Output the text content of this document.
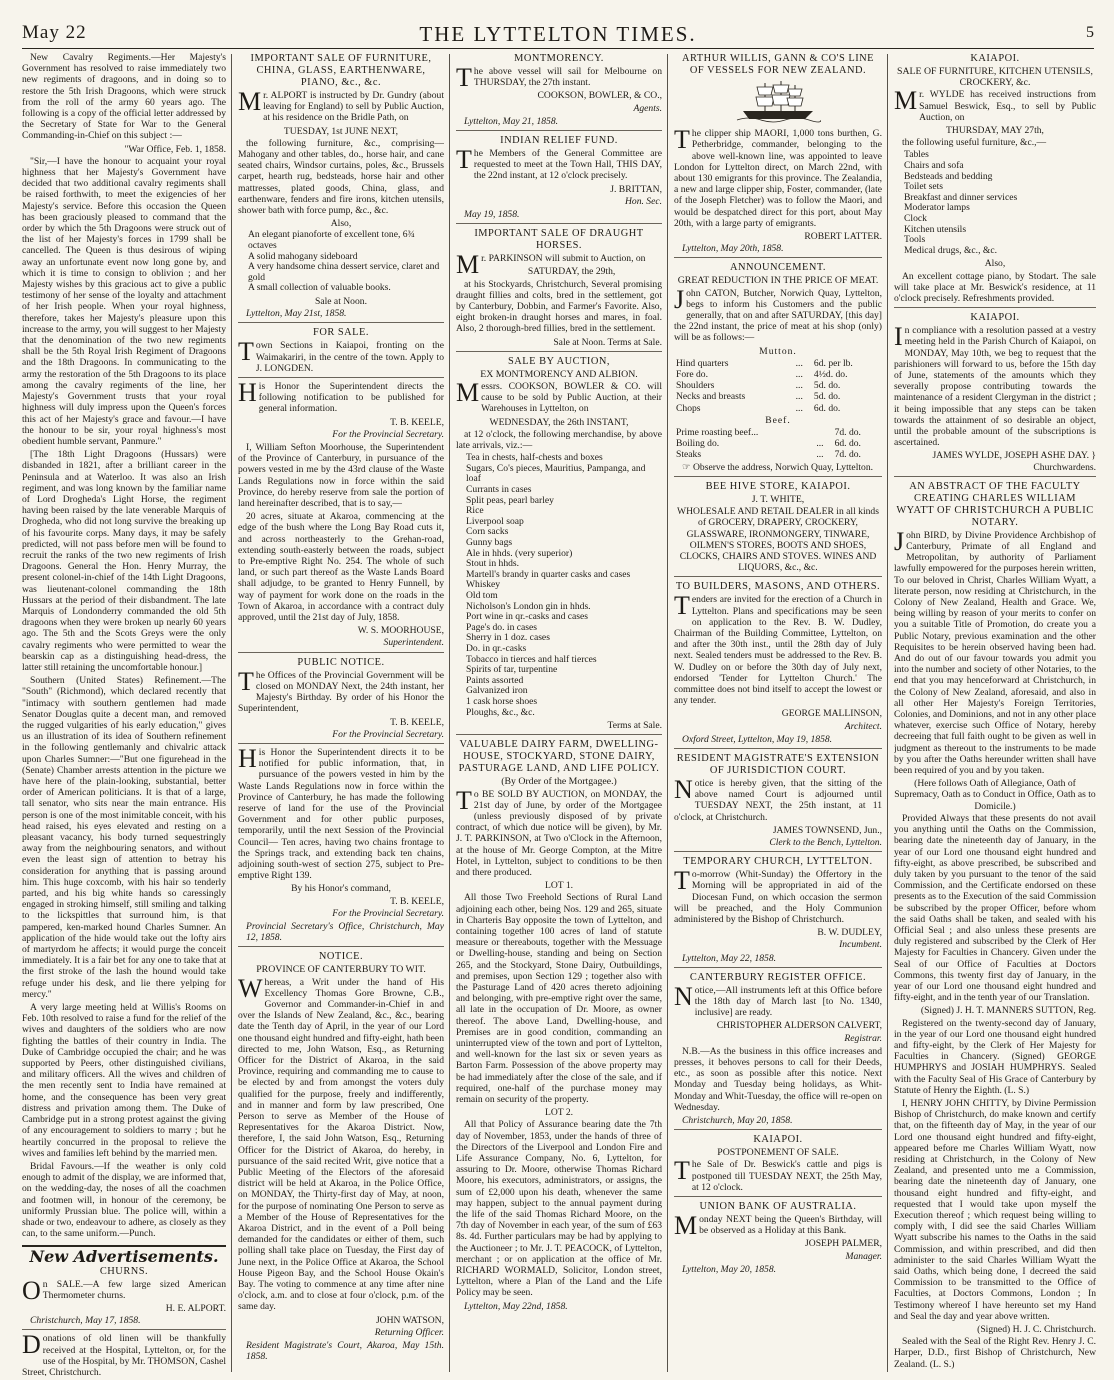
May 22	THE LYTTELTON TIMES.	5

New Cavalry Regiments.—Her Majesty's Government has resolved to raise immediately two new regiments of dragoons, and in doing so to restore the 5th Irish Dragoons, which were struck from the roll of the army 60 years ago. The following is a copy of the official letter addressed by the Secretary of State for War to the General Commanding-in-Chief on this subject :—

"War Office, Feb. 1, 1858.

"Sir,—I have the honour to acquaint your royal highness that her Majesty's Government have decided that two additional cavalry regiments shall be raised forthwith, to meet the exigencies of her Majesty's service. Before this occasion the Queen has been graciously pleased to command that the order by which the 5th Dragoons were struck out of the list of her Majesty's forces in 1799 shall be cancelled. The Queen is thus desirous of wiping away an unfortunate event now long gone by, and which it is time to consign to oblivion ; and her Majesty wishes by this gracious act to give a public testimony of her sense of the loyalty and attachment of her Irish people. When your royal highness, therefore, takes her Majesty's pleasure upon this increase to the army, you will suggest to her Majesty that the denomination of the two new regiments shall be the 5th Royal Irish Regiment of Dragoons and the 18th Dragoons. In communicating to the army the restoration of the 5th Dragoons to its place among the cavalry regiments of the line, her Majesty's Government trusts that your royal highness will duly impress upon the Queen's forces this act of her Majesty's grace and favour.—I have the honour to be sir, your royal highness's most obedient humble servant, Panmure."

[The 18th Light Dragoons (Hussars) were disbanded in 1821, after a brilliant career in the Peninsula and at Waterloo. It was also an Irish regiment, and was long known by the familiar name of Lord Drogheda's Light Horse, the regiment having been raised by the late venerable Marquis of Drogheda, who did not long survive the breaking up of his favourite corps. Many days, it may be safely predicted, will not pass before men will be found to recruit the ranks of the two new regiments of Irish Dragoons. General the Hon. Henry Murray, the present colonel-in-chief of the 14th Light Dragoons, was lieutenant-colonel commanding the 18th Hussars at the period of their disbandment. The late Marquis of Londonderry commanded the old 5th dragoons when they were broken up nearly 60 years ago. The 5th and the Scots Greys were the only cavalry regiments who were permitted to wear the bearskin cap as a distinguishing head-dress, the latter still retaining the uncomfortable honour.]

Southern (United States) Refinement.—The "South" (Richmond), which declared recently that "intimacy with southern gentlemen had made Senator Douglas quite a decent man, and removed the rugged vulgarities of his early education," gives us an illustration of its idea of Southern refinement in the following gentlemanly and chivalric attack upon Charles Sumner:—"But one figurehead in the (Senate) Chamber arrests attention in the picture we have here of the plain-looking, substantial, better order of American politicians. It is that of a large, tall senator, who sits near the main entrance. His person is one of the most inimitable conceit, with his head raised, his eyes elevated and resting on a pleasant vacancy, his body turned sequestringly away from the neighbouring senators, and without even the least sign of attention to betray his consideration for anything that is passing around him. This huge coxcomb, with his hair so tenderly parted, and his big white hands so caressingly engaged in stroking himself, still smiling and talking to the lickspittles that surround him, is that pampered, ken-marked hound Charles Sumner. An application of the hide would take out the lofty airs of martyrdom he affects; it would purge the conceit immediately. It is a fair bet for any one to take that at the first stroke of the lash the hound would take refuge under his desk, and lie there yelping for mercy."

A very large meeting held at Willis's Rooms on Feb. 10th resolved to raise a fund for the relief of the wives and daughters of the soldiers who are now fighting the battles of their country in India. The Duke of Cambridge occupied the chair; and he was supported by Peers, other distinguished civilians, and military officers. All the wives and children of the men recently sent to India have remained at home, and the consequence has been very great distress and privation among them. The Duke of Cambridge put in a strong protest against the giving of any encouragement to soldiers to marry ; but he heartily concurred in the proposal to relieve the wives and families left behind by the married men.

Bridal Favours.—If the weather is only cold enough to admit of the display, we are informed that, on the wedding-day, the noses of all the coachmen and footmen will, in honour of the ceremony, be uniformly Prussian blue. The police will, within a shade or two, endeavour to adhere, as closely as they can, to the same uniform.—Punch.

New Advertisements.
CHURNS.

On SALE.—A few large sized American Thermometer churns.

H. E. ALPORT.

Christchurch, May 17, 1858.

Donations of old linen will be thankfully received at the Hospital, Lyttelton, or, for the use of the Hospital, by Mr. THOMSON, Cashel Street, Christchurch.

IMPORTANT SALE OF FURNITURE, CHINA, GLASS, EARTHENWARE, PIANO, &c., &c.

Mr. ALPORT is instructed by Dr. Gundry (about leaving for England) to sell by Public Auction, at his residence on the Bridle Path, on

TUESDAY, 1st JUNE NEXT,

the following furniture, &c., comprising—Mahogany and other tables, do., horse hair, and cane seated chairs, Windsor curtains, poles, &c., Brussels carpet, hearth rug, bedsteads, horse hair and other mattresses, plated goods, China, glass, and earthenware, fenders and fire irons, kitchen utensils, shower bath with force pump, &c., &c.

Also,

An elegant pianoforte of excellent tone, 6¾ octaves
A solid mahogany sideboard
A very handsome china dessert service, claret and gold
A small collection of valuable books.

Sale at Noon.

Lyttelton, May 21st, 1858.

FOR SALE.

Town Sections in Kaiapoi, fronting on the Waimakariri, in the centre of the town. Apply to J. LONGDEN.

His Honor the Superintendent directs the following notification to be published for general information.

T. B. KEELE,

For the Provincial Secretary.

I, William Sefton Moorhouse, the Superintendent of the Province of Canterbury, in pursuance of the powers vested in me by the 43rd clause of the Waste Lands Regulations now in force within the said Province, do hereby reserve from sale the portion of land hereinafter described, that is to say,—

20 acres, situate at Akaroa, commencing at the edge of the bush where the Long Bay Road cuts it, and across northeasterly to the Grehan-road, extending south-easterly between the roads, subject to Pre-emptive Right No. 254. The whole of such land, or such part thereof as the Waste Lands Board shall adjudge, to be granted to Henry Funnell, by way of payment for work done on the roads in the Town of Akaroa, in accordance with a contract duly approved, until the 21st day of July, 1858.

W. S. MOORHOUSE,

Superintendent.

PUBLIC NOTICE.

The Offices of the Provincial Government will be closed on MONDAY Next, the 24th instant, her Majesty's Birthday. By order of his Honor the Superintendent,

T. B. KEELE,

For the Provincial Secretary.

His Honor the Superintendent directs it to be notified for public information, that, in pursuance of the powers vested in him by the Waste Lands Regulations now in force within the Province of Canterbury, he has made the following reserve of land for the use of the Provincial Government and for other public purposes, temporarily, until the next Session of the Provincial Council— Ten acres, having two chains frontage to the Springs track, and extending back ten chains, adjoining south-west of section 275, subject to Pre-emptive Right 139.

By his Honor's command,

T. B. KEELE,

For the Provincial Secretary.

Provincial Secretary's Office, Christchurch, May 12, 1858.

NOTICE.
PROVINCE OF CANTERBURY TO WIT.

Whereas, a Writ under the hand of His Excellency Thomas Gore Browne, C.B., Governor and Commander-in-Chief in and over the Islands of New Zealand, &c., &c., bearing date the Tenth day of April, in the year of our Lord one thousand eight hundred and fifty-eight, hath been directed to me, John Watson, Esq., as Returning Officer for the District of Akaroa, in the said Province, requiring and commanding me to cause to be elected by and from amongst the voters duly qualified for the purpose, freely and indifferently, and in manner and form by law prescribed, One Person to serve as Member of the House of Representatives for the Akaroa District. Now, therefore, I, the said John Watson, Esq., Returning Officer for the District of Akaroa, do hereby, in pursuance of the said recited Writ, give notice that a Public Meeting of the Electors of the aforesaid district will be held at Akaroa, in the Police Office, on MONDAY, the Thirty-first day of May, at noon, for the purpose of nominating One Person to serve as a Member of the House of Representatives for the Akaroa District, and in the event of a Poll being demanded for the candidates or either of them, such polling shall take place on Tuesday, the First day of June next, in the Police Office at Akaroa, the School House Pigeon Bay, and the School House Okain's Bay. The voting to commence at any time after nine o'clock, a.m. and to close at four o'clock, p.m. of the same day.

JOHN WATSON,

Returning Officer.

Resident Magistrate's Court, Akaroa, May 15th. 1858.

MONTMORENCY.

The above vessel will sail for Melbourne on THURSDAY, the 27th instant.

COOKSON, BOWLER, & CO.,

Agents.

Lyttelton, May 21, 1858.

INDIAN RELIEF FUND.

The Members of the General Committee are requested to meet at the Town Hall, THIS DAY, the 22nd instant, at 12 o'clock precisely.

J. BRITTAN,

Hon. Sec.

May 19, 1858.

IMPORTANT SALE OF DRAUGHT HORSES.

Mr. PARKINSON will submit to Auction, on

SATURDAY, the 29th,

at his Stockyards, Christchurch, Several promising draught fillies and colts, bred in the settlement, got by Canterbury, Dobbin, and Farmer's Favorite. Also, eight broken-in draught horses and mares, in foal. Also, 2 thorough-bred fillies, bred in the settlement.

Sale at Noon. Terms at Sale.

SALE BY AUCTION,
EX MONTMORENCY AND ALBION.

Messrs. COOKSON, BOWLER & CO. will cause to be sold by Public Auction, at their Warehouses in Lyttelton, on

WEDNESDAY, the 26th INSTANT,

at 12 o'clock, the following merchandise, by above late arrivals, viz.:—

Tea in chests, half-chests and boxes
Sugars, Co's pieces, Mauritius, Pampanga, and loaf
Currants in cases
Split peas, pearl barley
Rice
Liverpool soap
Corn sacks
Gunny bags
Ale in hhds. (very superior)
Stout in hhds.
Martell's brandy in quarter casks and cases
Whiskey
Old tom
Nicholson's London gin in hhds.
Port wine in qr.-casks and cases
Page's do. in cases
Sherry in 1 doz. cases
Do. in qr.-casks
Tobacco in tierces and half tierces
Spirits of tar, turpentine
Paints assorted
Galvanized iron
1 cask horse shoes
Ploughs, &c., &c.

Terms at Sale.

VALUABLE DAIRY FARM, DWELLING-HOUSE, STOCKYARD, STONE DAIRY, PASTURAGE LAND, AND LIFE POLICY.
(By Order of the Mortgagee.)

To BE SOLD BY AUCTION, on MONDAY, the 21st day of June, by order of the Mortgagee (unless previously disposed of by private contract, of which due notice will be given), by Mr. J. T. PARKINSON, at Two o'Clock in the Afternoon, at the house of Mr. George Compton, at the Mitre Hotel, in Lyttelton, subject to conditions to be then and there produced.

LOT 1.

All those Two Freehold Sections of Rural Land adjoining each other, being Nos. 129 and 265, situate in Charteris Bay opposite the town of Lyttelton, and containing together 100 acres of land of statute measure or thereabouts, together with the Messuage or Dwelling-house, standing and being on Section 265, and the Stockyard, Stone Dairy, Outbuildings, and premises, upon Section 129 ; together also with the Pasturage Land of 420 acres thereto adjoining and belonging, with pre-emptive right over the same, all late in the occupation of Dr. Moore, as owner thereof. The above Land, Dwelling-house, and Premises are in good condition, commanding an uninterrupted view of the town and port of Lyttelton, and well-known for the last six or seven years as Barton Farm. Possession of the above property may be had immediately after the close of the sale, and if required, one-half of the purchase money may remain on security of the property.

LOT 2.

All that Policy of Assurance bearing date the 7th day of November, 1853, under the hands of three of the Directors of the Liverpool and London Fire and Life Assurance Company, No. 6, Lyttelton, for assuring to Dr. Moore, otherwise Thomas Richard Moore, his executors, administrators, or assigns, the sum of £2,000 upon his death, whenever the same may happen, subject to the annual payment during the life of the said Thomas Richard Moore, on the 7th day of November in each year, of the sum of £63 8s. 4d. Further particulars may be had by applying to the Auctioneer ; to Mr. J. T. PEACOCK, of Lyttelton, merchant ; or on application at the office of Mr. RICHARD WORMALD, Solicitor, London street, Lyttelton, where a Plan of the Land and the Life Policy may be seen.

Lyttelton, May 22nd, 1858.

ARTHUR WILLIS, GANN & CO'S LINE OF VESSELS FOR NEW ZEALAND.

The clipper ship MAORI, 1,000 tons burthen, G. Petherbridge, commander, belonging to the above well-known line, was appointed to leave London for Lyttelton direct, on March 22nd, with about 130 emigrants for this province. The Zealandia, a new and large clipper ship, Foster, commander, (late of the Joseph Fletcher) was to follow the Maori, and would be despatched direct for this port, about May 20th, with a large party of emigrants.

ROBERT LATTER.

Lyttelton, May 20th, 1858.

ANNOUNCEMENT.
GREAT REDUCTION IN THE PRICE OF MEAT.

John CATON, Butcher, Norwich Quay, Lyttelton, begs to inform his Customers and the public generally, that on and after SATURDAY, [this day] the 22nd instant, the price of meat at his shop (only) will be as follows:—

Mutton.
Hind quarters	...	6d. per lb.
Fore do.	...	4½d. do.
Shoulders	...	5d. do.
Necks and breasts	...	5d. do.
Chops	...	6d. do.
Beef.
Prime roasting beef...		7d. do.
Boiling do.	...	6d. do.
Steaks	...	7d. do.

☞ Observe the address, Norwich Quay, Lyttelton.

BEE HIVE STORE, KAIAPOI.
J. T. WHITE,

WHOLESALE AND RETAIL DEALER in all kinds of GROCERY, DRAPERY, CROCKERY, GLASSWARE, IRONMONGERY, TINWARE, OILMEN'S STORES, BOOTS AND SHOES, CLOCKS, CHAIRS AND STOVES. WINES AND LIQUORS, &c., &c.

TO BUILDERS, MASONS, AND OTHERS.

Tenders are invited for the erection of a Church in Lyttelton. Plans and specifications may be seen on application to the Rev. B. W. Dudley, Chairman of the Building Committee, Lyttelton, on and after the 30th inst., until the 28th day of July next. Sealed tenders must be addressed to the Rev. B. W. Dudley on or before the 30th day of July next, endorsed 'Tender for Lyttelton Church.' The committee does not bind itself to accept the lowest or any tender.

GEORGE MALLINSON,

Architect.

Oxford Street, Lyttelton, May 19, 1858.

RESIDENT MAGISTRATE'S EXTENSION OF JURISDICTION COURT.

Notice is hereby given, that the sitting of the above named Court is adjourned until TUESDAY NEXT, the 25th instant, at 11 o'clock, at Christchurch.

JAMES TOWNSEND, Jun.,

Clerk to the Bench, Lyttelton.

TEMPORARY CHURCH, LYTTELTON.

To-morrow (Whit-Sunday) the Offertory in the Morning will be appropriated in aid of the Diocesan Fund, on which occasion the sermon will be preached, and the Holy Communion administered by the Bishop of Christchurch.

B. W. DUDLEY,

Incumbent.

Lyttelton, May 22, 1858.

CANTERBURY REGISTER OFFICE.

Notice,—All instruments left at this Office before the 18th day of March last [to No. 1340, inclusive] are ready.

CHRISTOPHER ALDERSON CALVERT,

Registrar.

N.B.—As the business in this office increases and presses, it behoves persons to call for their Deeds, etc., as soon as possible after this notice. Next Monday and Tuesday being holidays, as Whit-Monday and Whit-Tuesday, the office will re-open on Wednesday.

Christchurch, May 20, 1858.

KAIAPOI.
POSTPONEMENT OF SALE.

The Sale of Dr. Beswick's cattle and pigs is postponed till TUESDAY NEXT, the 25th May, at 12 o'clock.

UNION BANK OF AUSTRALIA.

Monday NEXT being the Queen's Birthday, will be observed as a Holiday at this Bank.

JOSEPH PALMER,

Manager.

Lyttelton, May 20, 1858.

KAIAPOI.
SALE OF FURNITURE, KITCHEN UTENSILS, CROCKERY, &c.

Mr. WYLDE has received instructions from Samuel Beswick, Esq., to sell by Public Auction, on

THURSDAY, MAY 27th,

the following useful furniture, &c.,—

Tables
Chairs and sofa
Bedsteads and bedding
Toilet sets
Breakfast and dinner services
Moderator lamps
Clock
Kitchen utensils
Tools
Medical drugs, &c., &c.

Also,

An excellent cottage piano, by Stodart. The sale will take place at Mr. Beswick's residence, at 11 o'clock precisely. Refreshments provided.

KAIAPOI.

In compliance with a resolution passed at a vestry meeting held in the Parish Church of Kaiapoi, on MONDAY, May 10th, we beg to request that the parishioners will forward to us, before the 15th day of June, statements of the amounts which they severally propose contributing towards the maintenance of a resident Clergyman in the district ; it being impossible that any steps can be taken towards the attainment of so desirable an object, until the probable amount of the subscriptions is ascertained.

JAMES WYLDE, JOSEPH ASHE DAY. } Churchwardens.

AN ABSTRACT OF THE FACULTY CREATING CHARLES WILLIAM WYATT OF CHRISTCHURCH A PUBLIC NOTARY.

John BIRD, by Divine Providence Archbishop of Canterbury, Primate of all England and Metropolitan, by authority of Parliament lawfully empowered for the purposes herein written, To our beloved in Christ, Charles William Wyatt, a literate person, now residing at Christchurch, in the Colony of New Zealand, Health and Grace. We, being willing by reason of your merits to confer on you a suitable Title of Promotion, do create you a Public Notary, previous examination and the other Requisites to be herein observed having been had. And do out of our favour towards you admit you into the number and society of other Notaries, to the end that you may henceforward at Christchurch, in the Colony of New Zealand, aforesaid, and also in all other Her Majesty's Foreign Territories, Colonies, and Dominions, and not in any other place whatever, exercise such Office of Notary, hereby decreeing that full faith ought to be given as well in judgment as thereout to the instruments to be made by you after the Oaths hereunder written shall have been required of you and by you taken.

(Here follows Oath of Allegiance, Oath of Supremacy, Oath as to Conduct in Office, Oath as to Domicile.)

Provided Always that these presents do not avail you anything until the Oaths on the Commission, bearing date the nineteenth day of January, in the year of our Lord one thousand eight hundred and fifty-eight, as above prescribed, be subscribed and duly taken by you pursuant to the tenor of the said Commission, and the Certificate endorsed on these presents as to the Execution of the said Commission be subscribed by the proper Officer, before whom the said Oaths shall be taken, and sealed with his Official Seal ; and also unless these presents are duly registered and subscribed by the Clerk of Her Majesty for Faculties in Chancery. Given under the Seal of our Office of Faculties at Doctors Commons, this twenty first day of January, in the year of our Lord one thousand eight hundred and fifty-eight, and in the tenth year of our Translation.

(Signed) J. H. T. MANNERS SUTTON, Reg.

Registered on the twenty-second day of January, in the year of our Lord one thousand eight hundred and fifty-eight, by the Clerk of Her Majesty for Faculties in Chancery. (Signed) GEORGE HUMPHRYS and JOSIAH HUMPHRYS. Sealed with the Faculty Seal of His Grace of Canterbury by Statute of Henry the Eighth. (L. S.)

I, HENRY JOHN CHITTY, by Divine Permission Bishop of Christchurch, do make known and certify that, on the fifteenth day of May, in the year of our Lord one thousand eight hundred and fifty-eight, appeared before me Charles William Wyatt, now residing at Christchurch, in the Colony of New Zealand, and presented unto me a Commission, bearing date the nineteenth day of January, one thousand eight hundred and fifty-eight, and requested that I would take upon myself the Execution thereof ; which request being willing to comply with, I did see the said Charles William Wyatt subscribe his names to the Oaths in the said Commission, and within prescribed, and did then administer to the said Charles William Wyatt the said Oaths, which being done, I decreed the said Commission to be transmitted to the Office of Faculties, at Doctors Commons, London ; In Testimony whereof I have hereunto set my Hand and Seal the day and year above written.

(Signed) H. J. C. Christchurch.

Sealed with the Seal of the Right Rev. Henry J. C. Harper, D.D., first Bishop of Christchurch, New Zealand. (L. S.)
